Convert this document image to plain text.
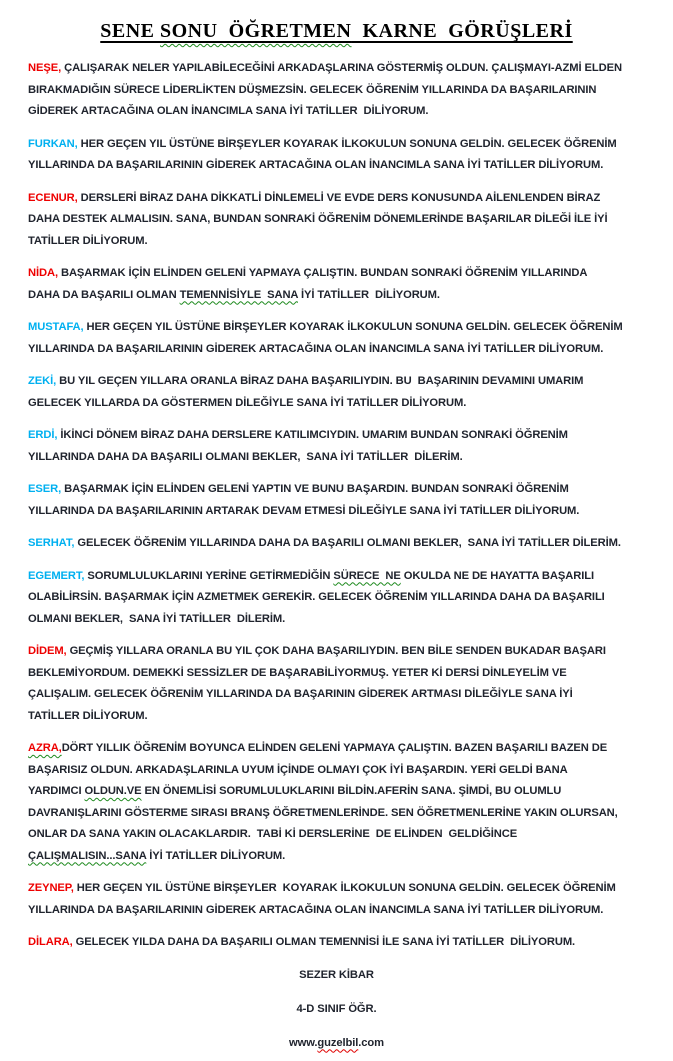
SENE SONU  ÖĞRETMEN  KARNE  GÖRÜŞLERİ
NEŞE, ÇALIŞARAK NELER YAPILABİLECEĞİNİ ARKADAŞLARINA GÖSTERMİŞ OLDUN. ÇALIŞMAYI-AZMİ ELDEN
BIRAKMADIĞIN SÜRECE LİDERLİKTEN DÜŞMEZSİN. GELECEK ÖĞRENİM YILLARINDA DA BAŞARILARININ
GİDEREK ARTACAĞINA OLAN İNANCIMLA SANA İYİ TATİLLER  DİLİYORUM.
FURKAN, HER GEÇEN YIL ÜSTÜNE BİRŞEYLER KOYARAK İLKOKULUN SONUNA GELDİN. GELECEK ÖĞRENİM
YILLARINDA DA BAŞARILARININ GİDEREK ARTACAĞINA OLAN İNANCIMLA SANA İYİ TATİLLER DİLİYORUM.
ECENUR, DERSLERİ BİRAZ DAHA DİKKATLİ DİNLEMELİ VE EVDE DERS KONUSUNDA AİLENLENDEN BİRAZ
DAHA DESTEK ALMALISIN. SANA, BUNDAN SONRAKİ ÖĞRENİM DÖNEMLERİNDE BAŞARILAR DİLEĞİ İLE İYİ
TATİLLER DİLİYORUM.
NİDA, BAŞARMAK İÇİN ELİNDEN GELENİ YAPMAYA ÇALIŞTIN. BUNDAN SONRAKİ ÖĞRENİM YILLARINDA
DAHA DA BAŞARILI OLMAN TEMENNİSİYLE  SANA İYİ TATİLLER  DİLİYORUM.
MUSTAFA, HER GEÇEN YIL ÜSTÜNE BİRŞEYLER KOYARAK İLKOKULUN SONUNA GELDİN. GELECEK ÖĞRENİM
YILLARINDA DA BAŞARILARININ GİDEREK ARTACAĞINA OLAN İNANCIMLA SANA İYİ TATİLLER DİLİYORUM.
ZEKİ, BU YIL GEÇEN YILLARA ORANLA BİRAZ DAHA BAŞARILIYDIN. BU  BAŞARININ DEVAMINI UMARIM
GELECEK YILLARDA DA GÖSTERMEN DİLEĞİYLE SANA İYİ TATİLLER DİLİYORUM.
ERDİ, İKİNCİ DÖNEM BİRAZ DAHA DERSLERE KATILIMCIYDIN. UMARIM BUNDAN SONRAKİ ÖĞRENİM
YILLARINDA DAHA DA BAŞARILI OLMANI BEKLER,  SANA İYİ TATİLLER  DİLERİM.
ESER, BAŞARMAK İÇİN ELİNDEN GELENİ YAPTIN VE BUNU BAŞARDIN. BUNDAN SONRAKİ ÖĞRENİM
YILLARINDA DA BAŞARILARININ ARTARAK DEVAM ETMESİ DİLEĞİYLE SANA İYİ TATİLLER DİLİYORUM.
SERHAT, GELECEK ÖĞRENİM YILLARINDA DAHA DA BAŞARILI OLMANI BEKLER,  SANA İYİ TATİLLER DİLERİM.
EGEMERT, SORUMLULUKLARINI YERİNE GETİRMEDİĞİN SÜRECE  NE OKULDA NE DE HAYATTA BAŞARILI
OLABİLİRSİN. BAŞARMAK İÇİN AZMETMEK GEREKİR. GELECEK ÖĞRENİM YILLARINDA DAHA DA BAŞARILI
OLMANI BEKLER,  SANA İYİ TATİLLER  DİLERİM.
DİDEM, GEÇMİŞ YILLARA ORANLA BU YIL ÇOK DAHA BAŞARILIYDIN. BEN BİLE SENDEN BUKADAR BAŞARI
BEKLEMİYORDUM. DEMEKKİ SESSİZLER DE BAŞARABİLİYORMUŞ. YETER Kİ DERSİ DİNLEYELİM VE
ÇALIŞALIM. GELECEK ÖĞRENİM YILLARINDA DA BAŞARININ GİDEREK ARTMASI DİLEĞİYLE SANA İYİ
TATİLLER DİLİYORUM.
AZRA,DÖRT YILLIK ÖĞRENİM BOYUNCA ELİNDEN GELENİ YAPMAYA ÇALIŞTIN. BAZEN BAŞARILI BAZEN DE
BAŞARISIZ OLDUN. ARKADAŞLARINLA UYUM İÇİNDE OLMAYI ÇOK İYİ BAŞARDIN. YERİ GELDİ BANA
YARDIMCI OLDUN.VE EN ÖNEMLİSİ SORUMLULUKLARINI BİLDİN.AFERİN SANA. ŞİMDİ, BU OLUMLU
DAVRANIŞLARINI GÖSTERME SIRASI BRANŞ ÖĞRETMENLERİNDE. SEN ÖĞRETMENLERİNE YAKIN OLURSAN,
ONLAR DA SANA YAKIN OLACAKLARDIR.  TABİ Kİ DERSLERİNE  DE ELİNDEN  GELDİĞİNCE
ÇALIŞMALISIN...SANA İYİ TATİLLER DİLİYORUM.
ZEYNEP, HER GEÇEN YIL ÜSTÜNE BİRŞEYLER  KOYARAK İLKOKULUN SONUNA GELDİN. GELECEK ÖĞRENİM
YILLARINDA DA BAŞARILARININ GİDEREK ARTACAĞINA OLAN İNANCIMLA SANA İYİ TATİLLER DİLİYORUM.
DİLARA, GELECEK YILDA DAHA DA BAŞARILI OLMAN TEMENNİSİ İLE SANA İYİ TATİLLER  DİLİYORUM.
SEZER KİBAR
4-D SINIF ÖĞR.
www.guzelbil.com
